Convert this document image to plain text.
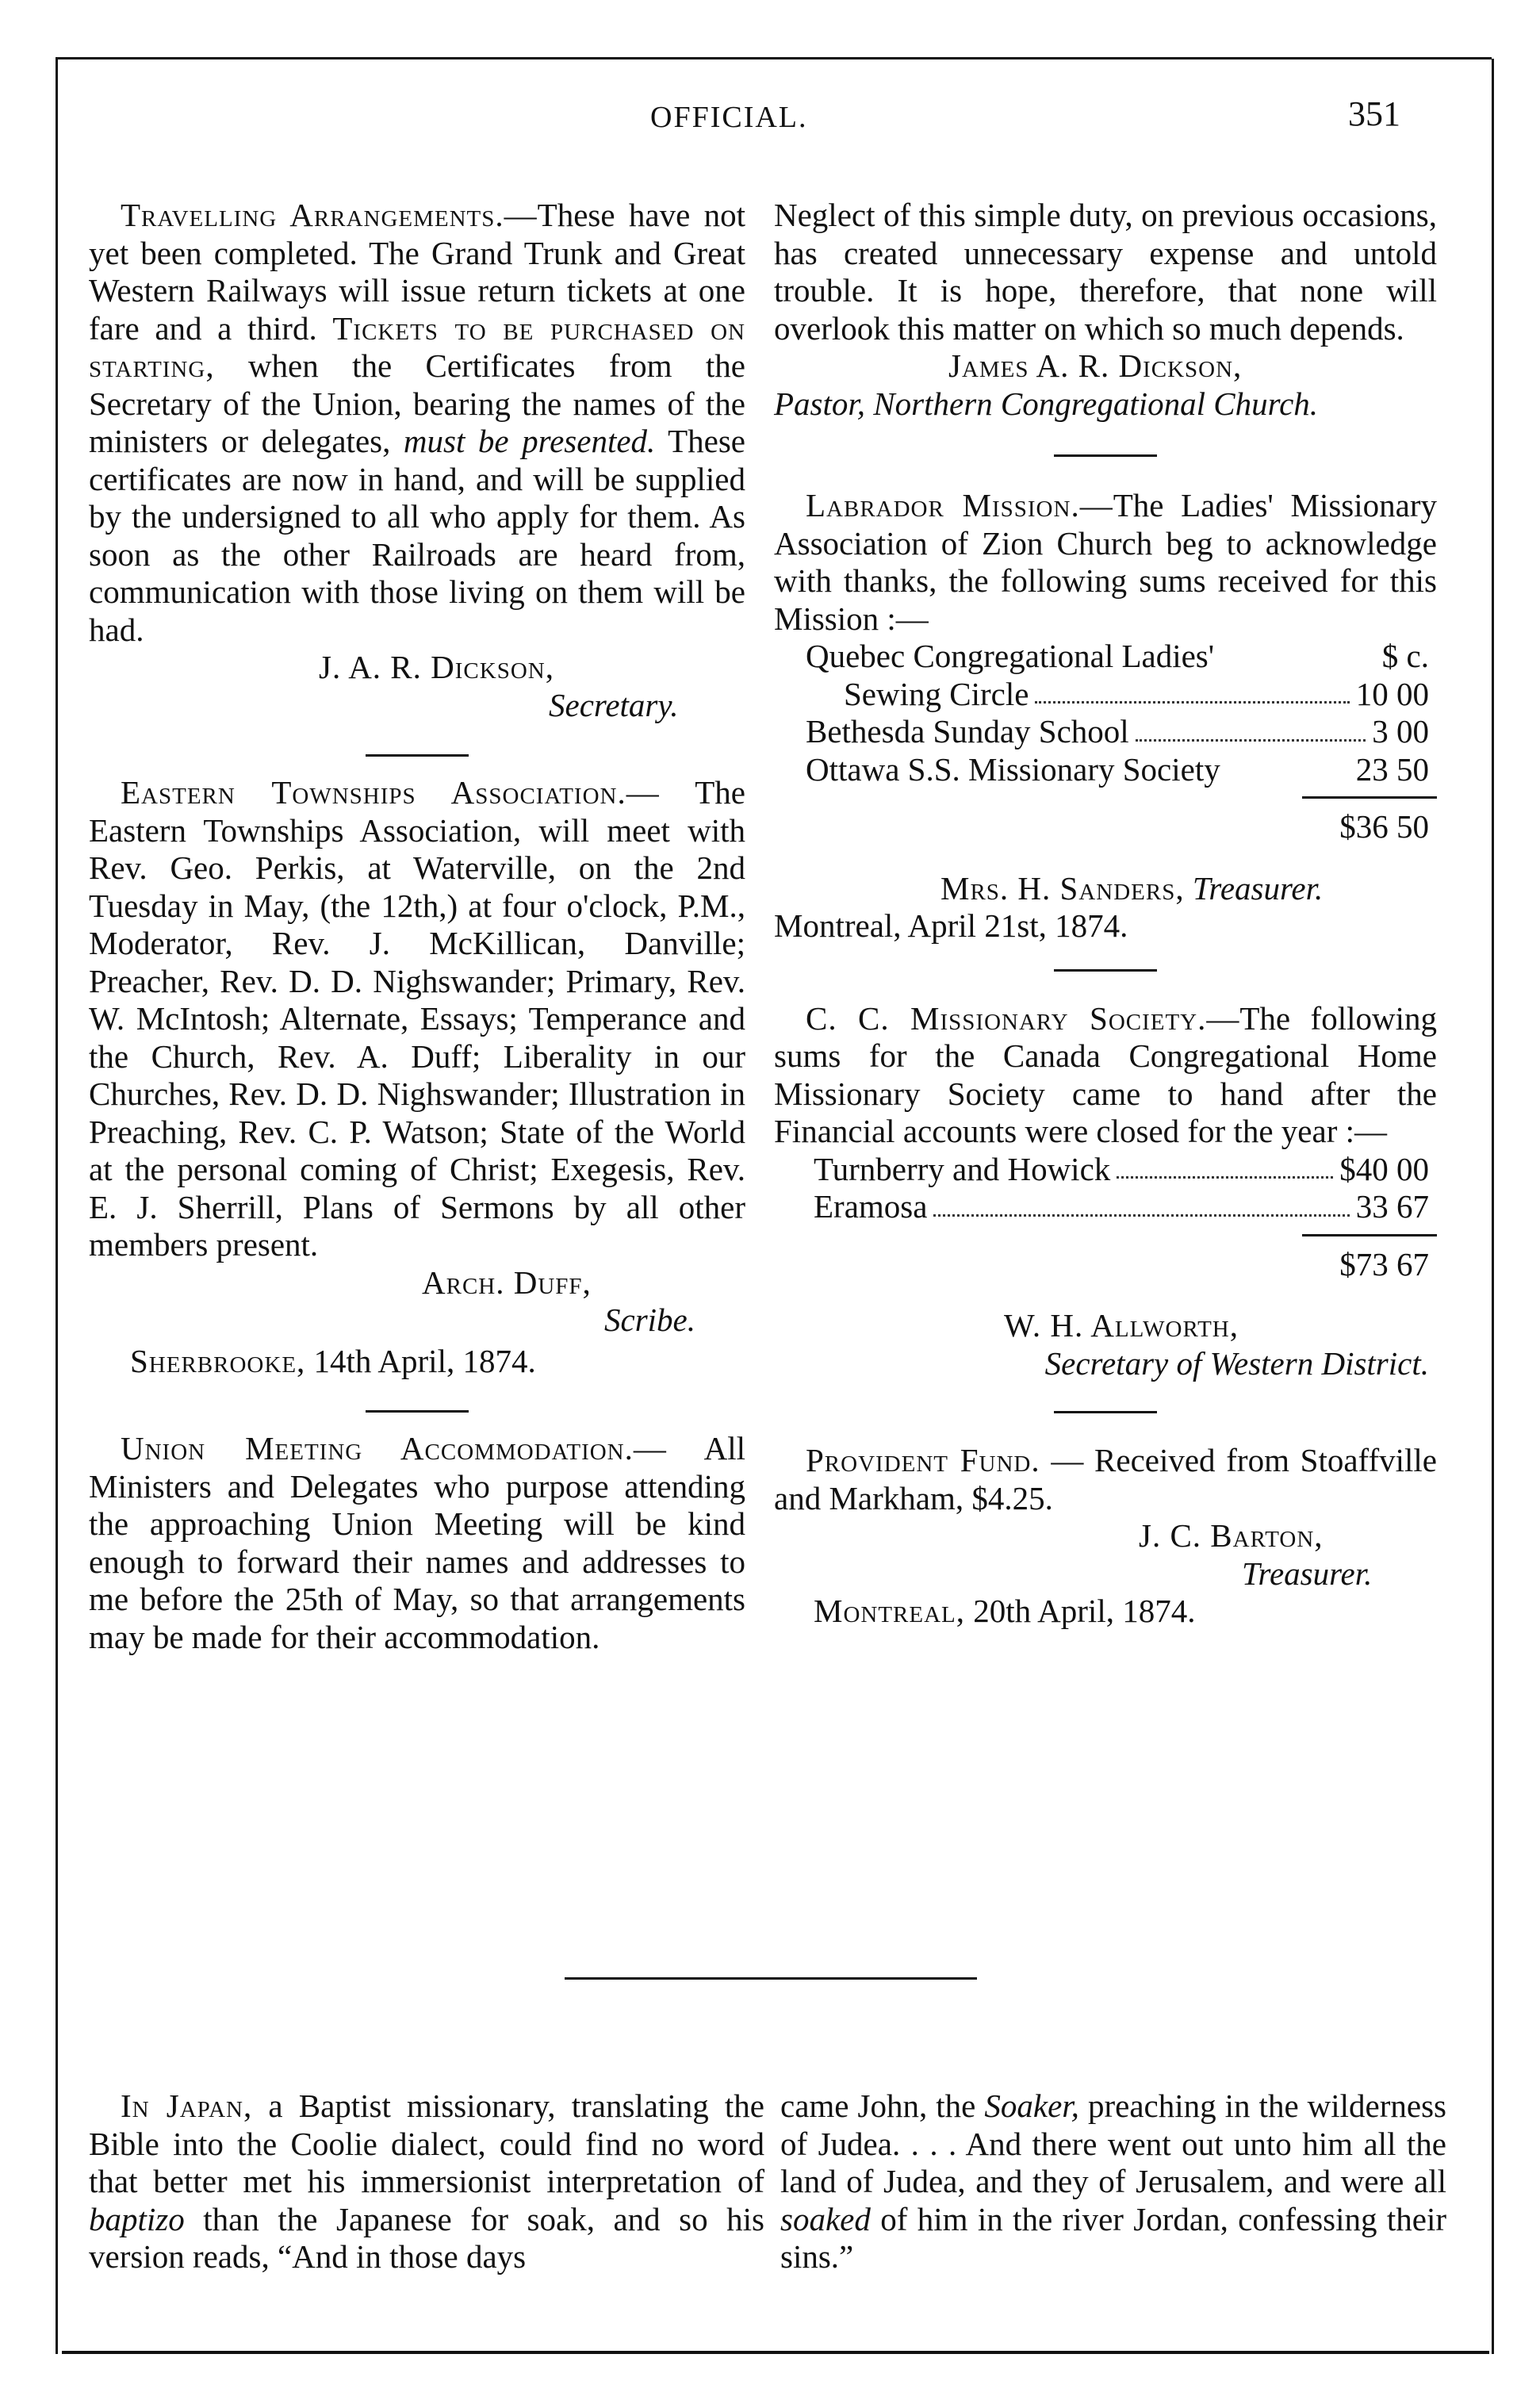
OFFICIAL.	351

Travelling Arrangements.—These have not yet been completed. The Grand Trunk and Great Western Railways will issue return tickets at one fare and a third. Tickets to be purchased on starting, when the Certificates from the Secretary of the Union, bearing the names of the ministers or delegates, must be presented. These certificates are now in hand, and will be supplied by the undersigned to all who apply for them. As soon as the other Railroads are heard from, communication with those living on them will be had.

J. A. R. Dickson,
Secretary.

Eastern Townships Association.— The Eastern Townships Association, will meet with Rev. Geo. Perkis, at Waterville, on the 2nd Tuesday in May, (the 12th,) at four o'clock, P.M., Moderator, Rev. J. McKillican, Danville; Preacher, Rev. D. D. Nighswander; Primary, Rev. W. McIntosh; Alternate, Essays; Temperance and the Church, Rev. A. Duff; Liberality in our Churches, Rev. D. D. Nighswander; Illustration in Preaching, Rev. C. P. Watson; State of the World at the personal coming of Christ; Exegesis, Rev. E. J. Sherrill, Plans of Sermons by all other members present.

Arch. Duff,
Scribe.
Sherbrooke, 14th April, 1874.

Union Meeting Accommodation.— All Ministers and Delegates who purpose attending the approaching Union Meeting will be kind enough to forward their names and addresses to me before the 25th of May, so that arrangements may be made for their accommodation.

Neglect of this simple duty, on previous occasions, has created unnecessary expense and untold trouble. It is hope, therefore, that none will overlook this matter on which so much depends.

James A. R. Dickson,
Pastor, Northern Congregational Church.

Labrador Mission.—The Ladies' Missionary Association of Zion Church beg to acknowledge with thanks, the following sums received for this Mission :—

Quebec Congregational Ladies'	$ c.
Sewing Circle	10 00
Bethesda Sunday School	3 00
Ottawa S.S. Missionary Society	23 50
$36 50
Mrs. H. Sanders, Treasurer.
Montreal, April 21st, 1874.

C. C. Missionary Society.—The following sums for the Canada Congregational Home Missionary Society came to hand after the Financial accounts were closed for the year :—

Turnberry and Howick	$40 00
Eramosa	33 67
$73 67
W. H. Allworth,
Secretary of Western District.

Provident Fund. — Received from Stoaffville and Markham, $4.25.

J. C. Barton,
Treasurer.
Montreal, 20th April, 1874.

In Japan, a Baptist missionary, translating the Bible into the Coolie dialect, could find no word that better met his immersionist interpretation of baptizo than the Japanese for soak, and so his version reads, “And in those days

came John, the Soaker, preaching in the wilderness of Judea. . . . And there went out unto him all the land of Judea, and they of Jerusalem, and were all soaked of him in the river Jordan, confessing their sins.”
